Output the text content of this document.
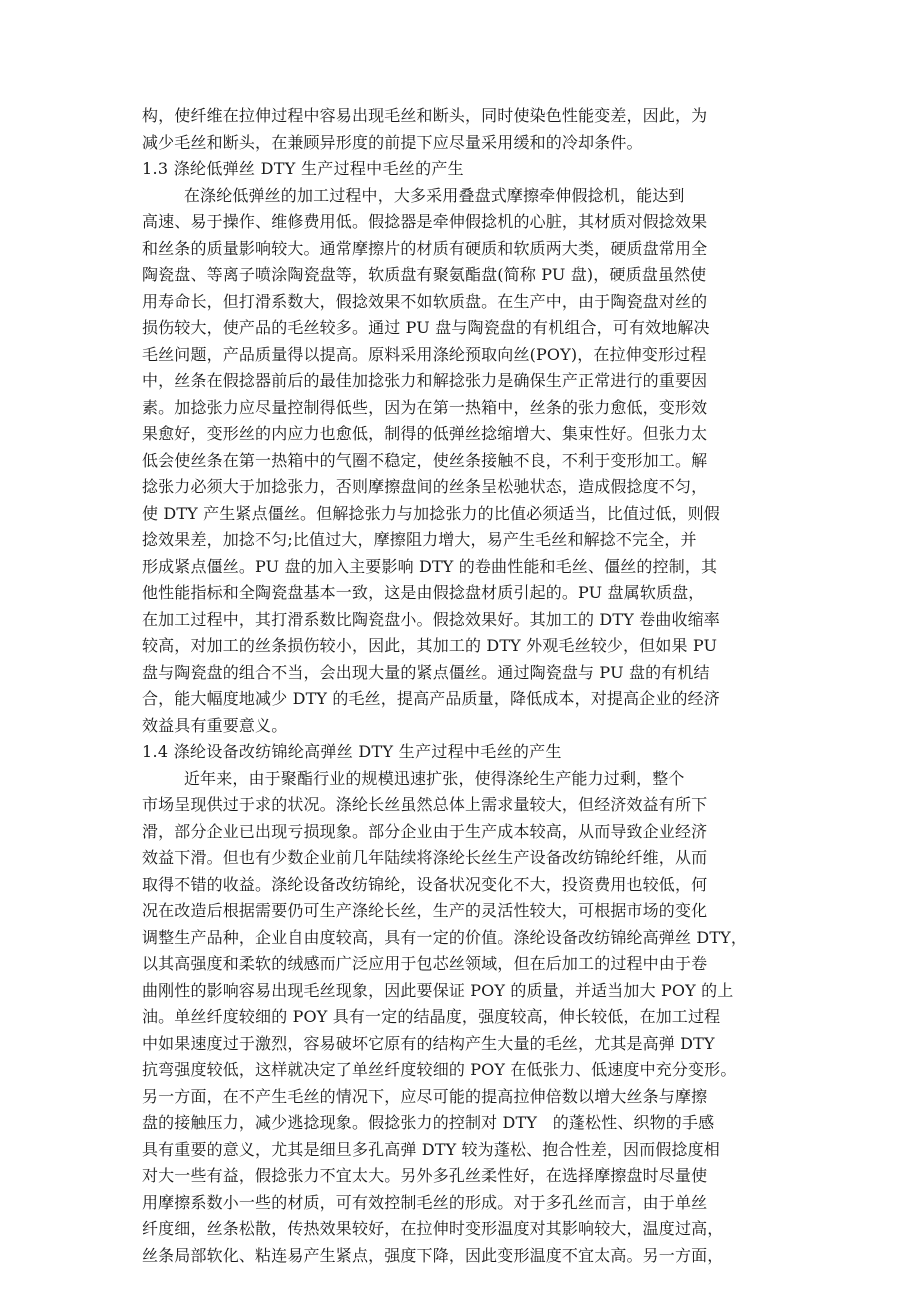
构，使纤维在拉伸过程中容易出现毛丝和断头，同时使染色性能变差，因此，为
减少毛丝和断头，在兼顾异形度的前提下应尽量采用缓和的冷却条件。
1.3 涤纶低弹丝 DTY 生产过程中毛丝的产生
在涤纶低弹丝的加工过程中，大多采用叠盘式摩擦牵伸假捻机，能达到
高速、易于操作、维修费用低。假捻器是牵伸假捻机的心脏，其材质对假捻效果
和丝条的质量影响较大。通常摩擦片的材质有硬质和软质两大类，硬质盘常用全
陶瓷盘、等离子喷涂陶瓷盘等，软质盘有聚氨酯盘(简称 PU 盘)，硬质盘虽然使
用寿命长，但打滑系数大，假捻效果不如软质盘。在生产中，由于陶瓷盘对丝的
损伤较大，使产品的毛丝较多。通过 PU 盘与陶瓷盘的有机组合，可有效地解决
毛丝问题，产品质量得以提高。原料采用涤纶预取向丝(POY)，在拉伸变形过程
中，丝条在假捻器前后的最佳加捻张力和解捻张力是确保生产正常进行的重要因
素。加捻张力应尽量控制得低些，因为在第一热箱中，丝条的张力愈低，变形效
果愈好，变形丝的内应力也愈低，制得的低弹丝捻缩增大、集束性好。但张力太
低会使丝条在第一热箱中的气圈不稳定，使丝条接触不良，不利于变形加工。解
捻张力必须大于加捻张力，否则摩擦盘间的丝条呈松驰状态，造成假捻度不匀，
使 DTY 产生紧点僵丝。但解捻张力与加捻张力的比值必须适当，比值过低，则假
捻效果差，加捻不匀;比值过大，摩擦阻力增大，易产生毛丝和解捻不完全，并
形成紧点僵丝。PU 盘的加入主要影响 DTY 的卷曲性能和毛丝、僵丝的控制，其
他性能指标和全陶瓷盘基本一致，这是由假捻盘材质引起的。PU 盘属软质盘，
在加工过程中，其打滑系数比陶瓷盘小。假捻效果好。其加工的 DTY 卷曲收缩率
较高，对加工的丝条损伤较小，因此，其加工的 DTY 外观毛丝较少，但如果 PU
盘与陶瓷盘的组合不当，会出现大量的紧点僵丝。通过陶瓷盘与 PU 盘的有机结
合，能大幅度地减少 DTY 的毛丝，提高产品质量，降低成本，对提高企业的经济
效益具有重要意义。
1.4 涤纶设备改纺锦纶高弹丝 DTY 生产过程中毛丝的产生
近年来，由于聚酯行业的规模迅速扩张，使得涤纶生产能力过剩，整个
市场呈现供过于求的状况。涤纶长丝虽然总体上需求量较大，但经济效益有所下
滑，部分企业已出现亏损现象。部分企业由于生产成本较高，从而导致企业经济
效益下滑。但也有少数企业前几年陆续将涤纶长丝生产设备改纺锦纶纤维，从而
取得不错的收益。涤纶设备改纺锦纶，设备状况变化不大，投资费用也较低，何
况在改造后根据需要仍可生产涤纶长丝，生产的灵活性较大，可根据市场的变化
调整生产品种，企业自由度较高，具有一定的价值。涤纶设备改纺锦纶高弹丝 DTY，
以其高强度和柔软的绒感而广泛应用于包芯丝领域，但在后加工的过程中由于卷
曲刚性的影响容易出现毛丝现象，因此要保证 POY 的质量，并适当加大 POY 的上
油。单丝纤度较细的 POY 具有一定的结晶度，强度较高，伸长较低，在加工过程
中如果速度过于激烈，容易破坏它原有的结构产生大量的毛丝，尤其是高弹 DTY
抗弯强度较低，这样就决定了单丝纤度较细的 POY 在低张力、低速度中充分变形。
另一方面，在不产生毛丝的情况下，应尽可能的提高拉伸倍数以增大丝条与摩擦
盘的接触压力，减少逃捻现象。假捻张力的控制对 DTY   的蓬松性、织物的手感
具有重要的意义，尤其是细旦多孔高弹 DTY 较为蓬松、抱合性差，因而假捻度相
对大一些有益，假捻张力不宜太大。另外多孔丝柔性好，在选择摩擦盘时尽量使
用摩擦系数小一些的材质，可有效控制毛丝的形成。对于多孔丝而言，由于单丝
纤度细，丝条松散，传热效果较好，在拉伸时变形温度对其影响较大，温度过高，
丝条局部软化、粘连易产生紧点，强度下降，因此变形温度不宜太高。另一方面，
